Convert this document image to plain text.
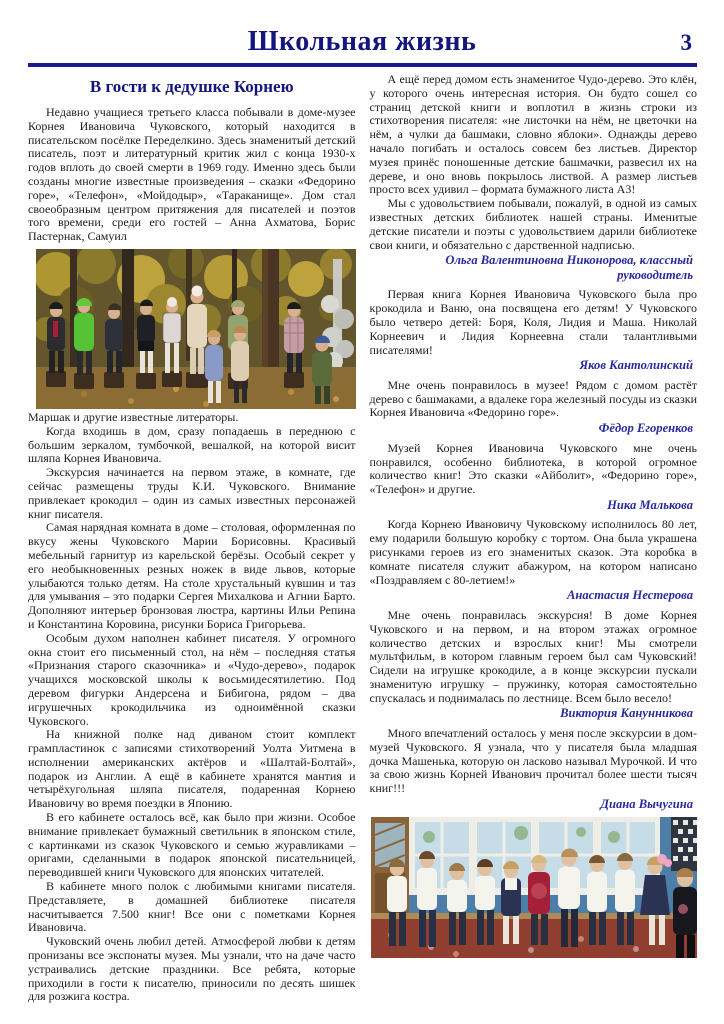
Школьная жизнь	3
В гости к дедушке Корнею

Недавно учащиеся третьего класса побывали в доме-музее Корнея Ивановича Чуковского, который находится в писательском посёлке Переделкино. Здесь знаменитый детский писатель, поэт и литературный критик жил с конца 1930-х годов вплоть до своей смерти в 1969 году. Именно здесь были созданы многие известные произведения – сказки «Федорино горе», «Телефон», «Мойдодыр», «Тараканище». Дом стал своеобразным центром притяжения для писателей и поэтов того времени, среди его гостей – Анна Ахматова, Борис Пастернак, Самуил

Маршак и другие известные литераторы.

Когда входишь в дом, сразу попадаешь в переднюю с большим зеркалом, тумбочкой, вешалкой, на которой висит шляпа Корнея Ивановича.

Экскурсия начинается на первом этаже, в комнате, где сейчас размещены труды К.И. Чуковского. Внимание привлекает крокодил – один из самых известных персонажей книг писателя.

Самая нарядная комната в доме – столовая, оформленная по вкусу жены Чуковского Марии Борисовны. Красивый мебельный гарнитур из карельской берёзы. Особый секрет у его необыкновенных резных ножек в виде львов, которые улыбаются только детям. На столе хрустальный кувшин и таз для умывания – это подарки Сергея Михалкова и Агнии Барто. Дополняют интерьер бронзовая люстра, картины Ильи Репина и Константина Коровина, рисунки Бориса Григорьева.

Особым духом наполнен кабинет писателя. У огромного окна стоит его письменный стол, на нём – последняя статья «Признания старого сказочника» и «Чудо-дерево», подарок учащихся московской школы к восьмидесятилетию. Под деревом фигурки Андерсена и Бибигона, рядом – два игрушечных крокодильчика из одноимённой сказки Чуковского.

На книжной полке над диваном стоит комплект грампластинок с записями стихотворений Уолта Уитмена в исполнении американских актёров и «Шалтай-Болтай», подарок из Англии. А ещё в кабинете хранятся мантия и четырёхугольная шляпа писателя, подаренная Корнею Ивановичу во время поездки в Японию.

В его кабинете осталось всё, как было при жизни. Особое внимание привлекает бумажный светильник в японском стиле, с картинками из сказок Чуковского и семью журавликами – оригами, сделанными в подарок японской писательницей, переводившей книги Чуковского для японских читателей.

В кабинете много полок с любимыми книгами писателя. Представляете, в домашней библиотеке писателя насчитывается 7.500 книг! Все они с пометками Корнея Ивановича.

Чуковский очень любил детей. Атмосферой любви к детям пронизаны все экспонаты музея. Мы узнали, что на даче часто устраивались детские праздники. Все ребята, которые приходили в гости к писателю, приносили по десять шишек для розжига костра.

А ещё перед домом есть знаменитое Чудо-дерево. Это клён, у которого очень интересная история. Он будто сошел со страниц детской книги и воплотил в жизнь строки из стихотворения писателя: «не листочки на нём, не цветочки на нём, а чулки да башмаки, словно яблоки». Однажды дерево начало погибать и осталось совсем без листьев. Директор музея принёс поношенные детские башмачки, развесил их на дереве, и оно вновь покрылось листвой. А размер листьев просто всех удивил – формата бумажного листа А3!

Мы с удовольствием побывали, пожалуй, в одной из самых известных детских библиотек нашей страны. Именитые детские писатели и поэты с удовольствием дарили библиотеке свои книги, и обязательно с дарственной надписью.

Ольга Валентиновна Никонорова, классный руководитель

Первая книга Корнея Ивановича Чуковского была про крокодила и Ваню, она посвящена его детям! У Чуковского было четверо детей: Боря, Коля, Лидия и Маша. Николай Корнеевич и Лидия Корнеевна стали талантливыми писателями!

Яков Кантолинский

Мне очень понравилось в музее! Рядом с домом растёт дерево с башмаками, а вдалеке гора железный посуды из сказки Корнея Ивановича «Федорино горе».

Фёдор Егоренков

Музей Корнея Ивановича Чуковского мне очень понравился, особенно библиотека, в которой огромное количество книг! Это сказки «Айболит», «Федорино горе», «Телефон» и другие.

Ника Малькова

Когда Корнею Ивановичу Чуковскому исполнилось 80 лет, ему подарили большую коробку с тортом. Она была украшена рисунками героев из его знаменитых сказок. Эта коробка в комнате писателя служит абажуром, на котором написано «Поздравляем с 80-летием!»

Анастасия Нестерова

Мне очень понравилась экскурсия! В доме Корнея Чуковского и на первом, и на втором этажах огромное количество детских и взрослых книг! Мы смотрели мультфильм, в котором главным героем был сам Чуковский! Сидели на игрушке крокодиле, а в конце экскурсии пускали знаменитую игрушку – пружинку, которая самостоятельно спускалась и поднималась по лестнице. Всем было весело!

Виктория Канунникова

Много впечатлений осталось у меня после экскурсии в дом-музей Чуковского. Я узнала, что у писателя была младшая дочка Машенька, которую он ласково называл Мурочкой. И что за свою жизнь Корней Иванович прочитал более шести тысяч книг!!!

Диана Вычугина
